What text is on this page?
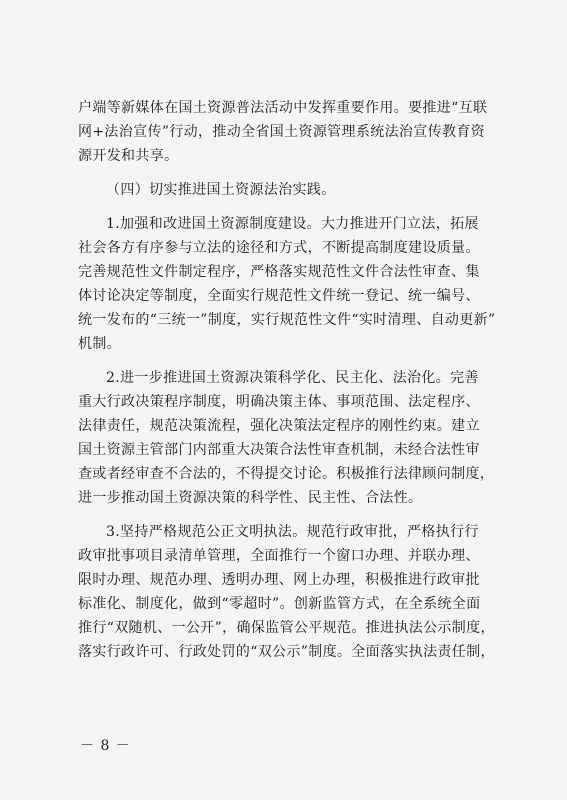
户端等新媒体在国土资源普法活动中发挥重要作用。要推进“互联
网+法治宣传”行动，推动全省国土资源管理系统法治宣传教育资
源开发和共享。
（四）切实推进国土资源法治实践。
1.加强和改进国土资源制度建设。大力推进开门立法，拓展
社会各方有序参与立法的途径和方式，不断提高制度建设质量。
完善规范性文件制定程序，严格落实规范性文件合法性审查、集
体讨论决定等制度，全面实行规范性文件统一登记、统一编号、
统一发布的“三统一”制度，实行规范性文件“实时清理、自动更新”
机制。
2.进一步推进国土资源决策科学化、民主化、法治化。完善
重大行政决策程序制度，明确决策主体、事项范围、法定程序、
法律责任，规范决策流程，强化决策法定程序的刚性约束。建立
国土资源主管部门内部重大决策合法性审查机制，未经合法性审
查或者经审查不合法的，不得提交讨论。积极推行法律顾问制度，
进一步推动国土资源决策的科学性、民主性、合法性。
3.坚持严格规范公正文明执法。规范行政审批，严格执行行
政审批事项目录清单管理，全面推行一个窗口办理、并联办理、
限时办理、规范办理、透明办理、网上办理，积极推进行政审批
标准化、制度化，做到“零超时”。创新监管方式，在全系统全面
推行“双随机、一公开”，确保监管公平规范。推进执法公示制度，
落实行政许可、行政处罚的“双公示”制度。全面落实执法责任制，
－ 8 －
